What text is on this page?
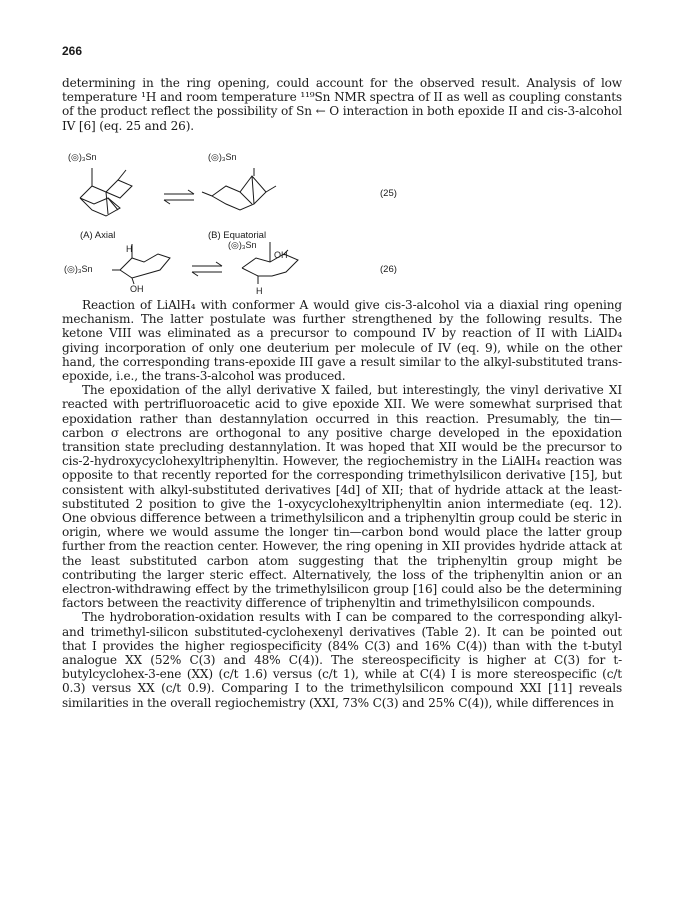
266

determining in the ring opening, could account for the observed result. Analysis of low temperature ¹H and room temperature ¹¹⁹Sn NMR spectra of II as well as coupling constants of the product reflect the possibility of Sn ← O interaction in both epoxide II and cis-3-alcohol IV [6] (eq. 25 and 26).

(◎)₃Sn	(◎)₃Sn
(25)
(A) Axial	(B) Equatorial
H
(◎)₃Sn
OH
(◎)₃Sn
OH
H
(26)

Reaction of LiAlH₄ with conformer A would give cis-3-alcohol via a diaxial ring opening mechanism. The latter postulate was further strengthened by the following results. The ketone VIII was eliminated as a precursor to compound IV by reaction of II with LiAlD₄ giving incorporation of only one deuterium per molecule of IV (eq. 9), while on the other hand, the corresponding trans-epoxide III gave a result similar to the alkyl-substituted trans-epoxide, i.e., the trans-3-alcohol was produced.

The epoxidation of the allyl derivative X failed, but interestingly, the vinyl derivative XI reacted with pertrifluoroacetic acid to give epoxide XII. We were somewhat surprised that epoxidation rather than destannylation occurred in this reaction. Presumably, the tin—carbon σ electrons are orthogonal to any positive charge developed in the epoxidation transition state precluding destannylation. It was hoped that XII would be the precursor to cis-2-hydroxycyclohexyltriphenyltin. However, the regiochemistry in the LiAlH₄ reaction was opposite to that recently reported for the corresponding trimethylsilicon derivative [15], but consistent with alkyl-substituted derivatives [4d] of XII; that of hydride attack at the least-substituted 2 position to give the 1-oxycyclohexyltriphenyltin anion intermediate (eq. 12). One obvious difference between a trimethylsilicon and a triphenyltin group could be steric in origin, where we would assume the longer tin—carbon bond would place the latter group further from the reaction center. However, the ring opening in XII provides hydride attack at the least substituted carbon atom suggesting that the triphenyltin group might be contributing the larger steric effect. Alternatively, the loss of the triphenyltin anion or an electron-withdrawing effect by the trimethylsilicon group [16] could also be the determining factors between the reactivity difference of triphenyltin and trimethylsilicon compounds.

The hydroboration-oxidation results with I can be compared to the corresponding alkyl- and trimethyl-silicon substituted-cyclohexenyl derivatives (Table 2). It can be pointed out that I provides the higher regiospecificity (84% C(3) and 16% C(4)) than with the t-butyl analogue XX (52% C(3) and 48% C(4)). The stereospecificity is higher at C(3) for t-butylcyclohex-3-ene (XX) (c/t 1.6) versus (c/t 1), while at C(4) I is more stereospecific (c/t 0.3) versus XX (c/t 0.9). Comparing I to the trimethylsilicon compound XXI [11] reveals similarities in the overall regiochemistry (XXI, 73% C(3) and 25% C(4)), while differences in
